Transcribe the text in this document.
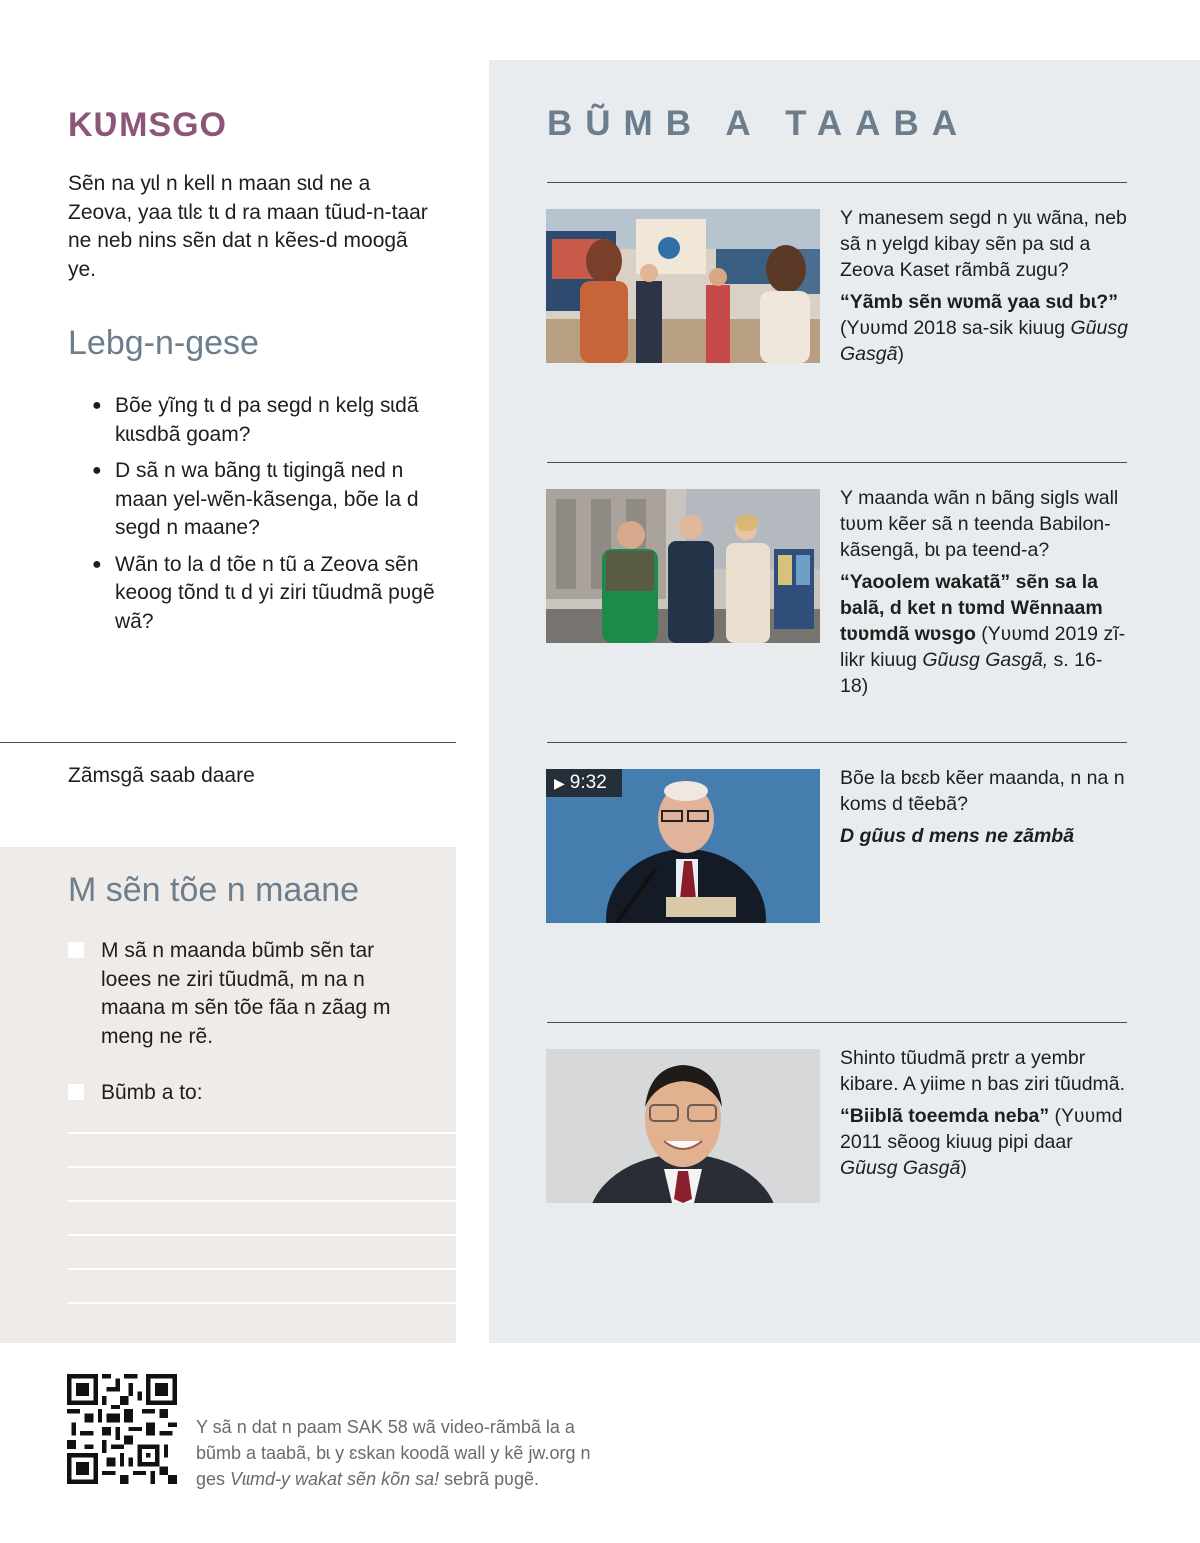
BŨMB A TAABA
Y manesem segd n yɩɩ wãna, neb sã n yelgd kibay sẽn pa sɩd a Zeova Kaset rãmbã zugu?
“Yãmb sẽn wʋmã yaa sɩd bɩ?” (Yʋʋmd 2018 sa-sik kiuug Gũusg Gasgã)
Y maanda wãn n bãng sigls wall tʋʋm kẽer sã n teenda Babilon-kãsengã, bɩ pa teend-a?
“Yaoolem wakatã” sẽn sa la balã, d ket n tʋmd Wẽnnaam tʋʋmdã wʋsgo (Yʋʋmd 2019 zĩ-likr kiuug Gũusg Gasgã, s. 16-18)
▶ 9:32	Bõe la bɛɛb kẽer maanda, n na n koms d tẽebã?
D gũus d mens ne zãmbã
Shinto tũudmã prɛtr a yembr kibare. A yiime n bas ziri tũudmã.
“Biiblã toeemda neba” (Yʋʋmd 2011 sẽoog kiuug pipi daar Gũusg Gasgã)
KƲMSGO
Sẽn na yɩl n kell n maan sɩd ne a Zeova, yaa tɩlɛ tɩ d ra maan tũud-n-taar ne neb nins sẽn dat n kẽes-d moogã ye.
Lebg-n-gese
● Bõe yĩng tɩ d pa segd n kelg sɩdã kɩɩsdbã goam?
● D sã n wa bãng tɩ tigingã ned n maan yel-wẽn-kãsenga, bõe la d segd n maane?
● Wãn to la d tõe n tũ a Zeova sẽn keoog tõnd tɩ d yi ziri tũudmã pʋgẽ wã?
Zãmsgã saab daare
M sẽn tõe n maane
M sã n maanda bũmb sẽn tar loees ne ziri tũudmã, m na n maana m sẽn tõe fãa n zãag m meng ne rẽ.
Bũmb a to:
Y sã n dat n paam SAK 58 wã video-rãmbã la a bũmb a taabã, bɩ y ɛskan koodã wall y kẽ jw.org n ges Vɩɩmd-y wakat sẽn kõn sa! sebrã pʋgẽ.
